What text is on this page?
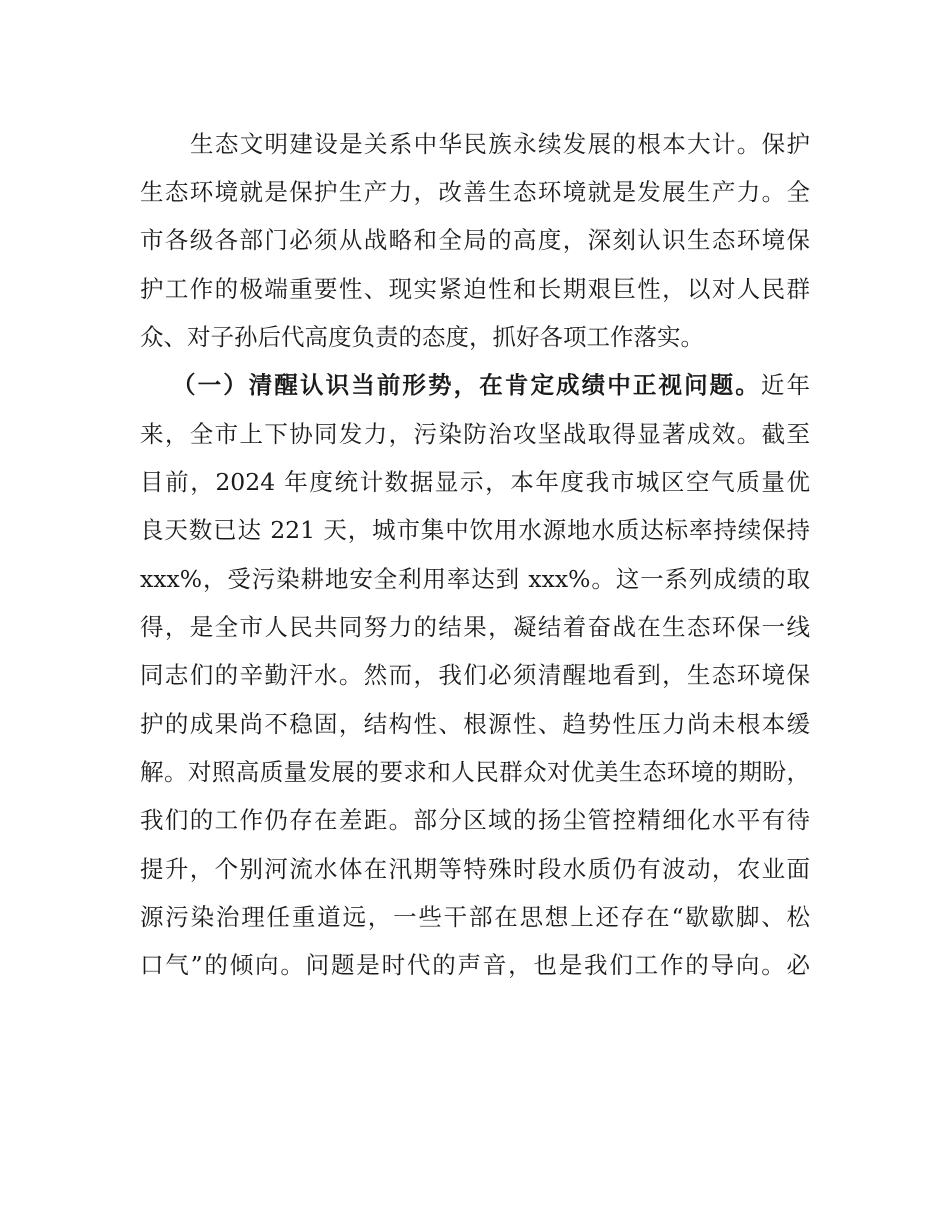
生态文明建设是关系中华民族永续发展的根本大计。保护
生态环境就是保护生产力，改善生态环境就是发展生产力。全
市各级各部门必须从战略和全局的高度，深刻认识生态环境保
护工作的极端重要性、现实紧迫性和长期艰巨性，以对人民群
众、对子孙后代高度负责的态度，抓好各项工作落实。
（一）清醒认识当前形势，在肯定成绩中正视问题。近年
来，全市上下协同发力，污染防治攻坚战取得显著成效。截至
目前，2024 年度统计数据显示，本年度我市城区空气质量优
良天数已达 221 天，城市集中饮用水源地水质达标率持续保持
xxx%，受污染耕地安全利用率达到 xxx%。这一系列成绩的取
得，是全市人民共同努力的结果，凝结着奋战在生态环保一线
同志们的辛勤汗水。然而，我们必须清醒地看到，生态环境保
护的成果尚不稳固，结构性、根源性、趋势性压力尚未根本缓
解。对照高质量发展的要求和人民群众对优美生态环境的期盼，
我们的工作仍存在差距。部分区域的扬尘管控精细化水平有待
提升，个别河流水体在汛期等特殊时段水质仍有波动，农业面
源污染治理任重道远，一些干部在思想上还存在“歇歇脚、松
口气”的倾向。问题是时代的声音，也是我们工作的导向。必
